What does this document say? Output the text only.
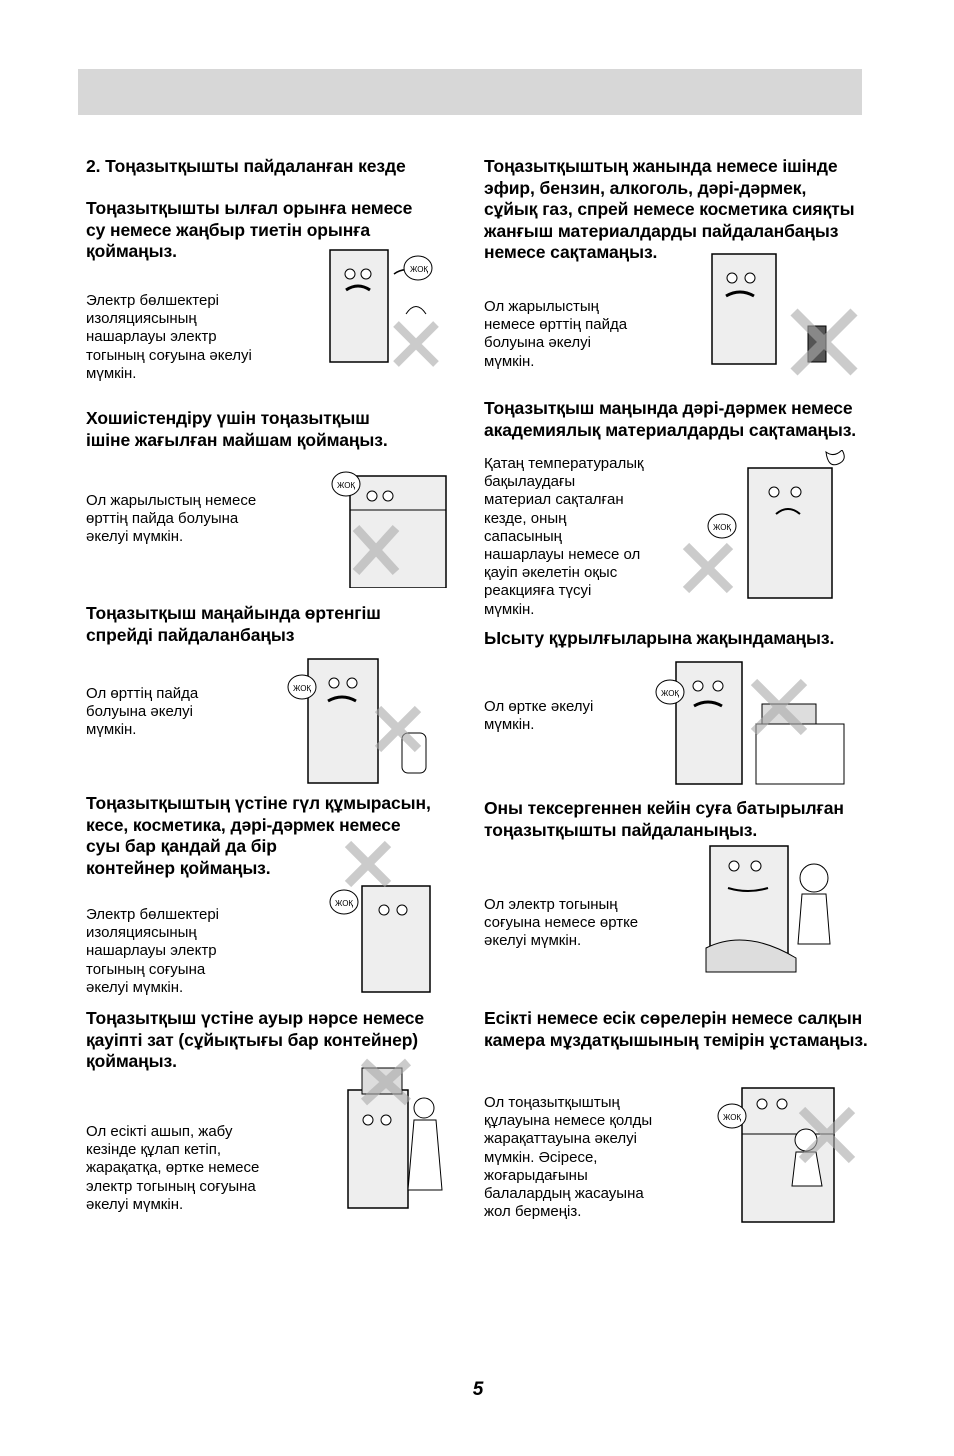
2. Тоңазытқышты пайдаланған кезде

Тоңазытқышты ылғал орынға немесе
су немесе жаңбыр тиетін орынға
қоймаңыз.

Электр бөлшектері
изоляциясының
нашарлауы электр
тогының соғуына әкелуі
мүмкін.

ЖОҚ

Хошиістендіру үшін тоңазытқыш
ішіне жағылған майшам қоймаңыз.

Ол жарылыстың немесе
өрттің пайда болуына
әкелуі мүмкін.

ЖОҚ

Тоңазытқыш маңайында өртенгіш
спрейді пайдаланбаңыз

Ол өрттің пайда
болуына әкелуі
мүмкін.

ЖОҚ

Тоңазытқыштың үстіне гүл құмырасын,
кесе, косметика, дәрі-дәрмек немесе
суы бар қандай да бір
контейнер қоймаңыз.

Электр бөлшектері
изоляциясының
нашарлауы электр
тогының соғуына
әкелуі мүмкін.

ЖОҚ

Тоңазытқыш үстіне ауыр нәрсе немесе
қауіпті зат (сұйықтығы бар контейнер)
қоймаңыз.

Ол есікті ашып, жабу
кезінде құлап кетіп,
жарақатқа, өртке немесе
электр тогының соғуына
әкелуі мүмкін.

Тоңазытқыштың жанында немесе ішінде
эфир, бензин, алкоголь, дәрі-дәрмек,
сұйық газ, спрей немесе косметика сияқты
жанғыш материалдарды пайдаланбаңыз
немесе сақтамаңыз.

Ол жарылыстың
немесе өрттің пайда
болуына әкелуі
мүмкін.

Тоңазытқыш маңында дәрі-дәрмек немесе
академиялық материалдарды сақтамаңыз.

Қатаң температуралық
бақылаудағы
материал сақталған
кезде, оның
сапасының
нашарлауы немесе ол
қауіп әкелетін оқыс
реакцияға түсуі
мүмкін.

ЖОҚ

Ысыту құрылғыларына жақындамаңыз.

Ол өртке әкелуі
мүмкін.

ЖОҚ

Оны тексергеннен кейін суға батырылған
тоңазытқышты пайдаланыңыз.

Ол электр тогының
соғуына немесе өртке
әкелуі мүмкін.

Есікті немесе есік сөрелерін немесе салқын
камера мұздатқышының темірін ұстамаңыз.

Ол тоңазытқыштың
құлауына немесе қолды
жарақаттауына әкелуі
мүмкін. Әсіресе,
жоғарыдағыны
балалардың жасауына
жол бермеңіз.

ЖОҚ
5
